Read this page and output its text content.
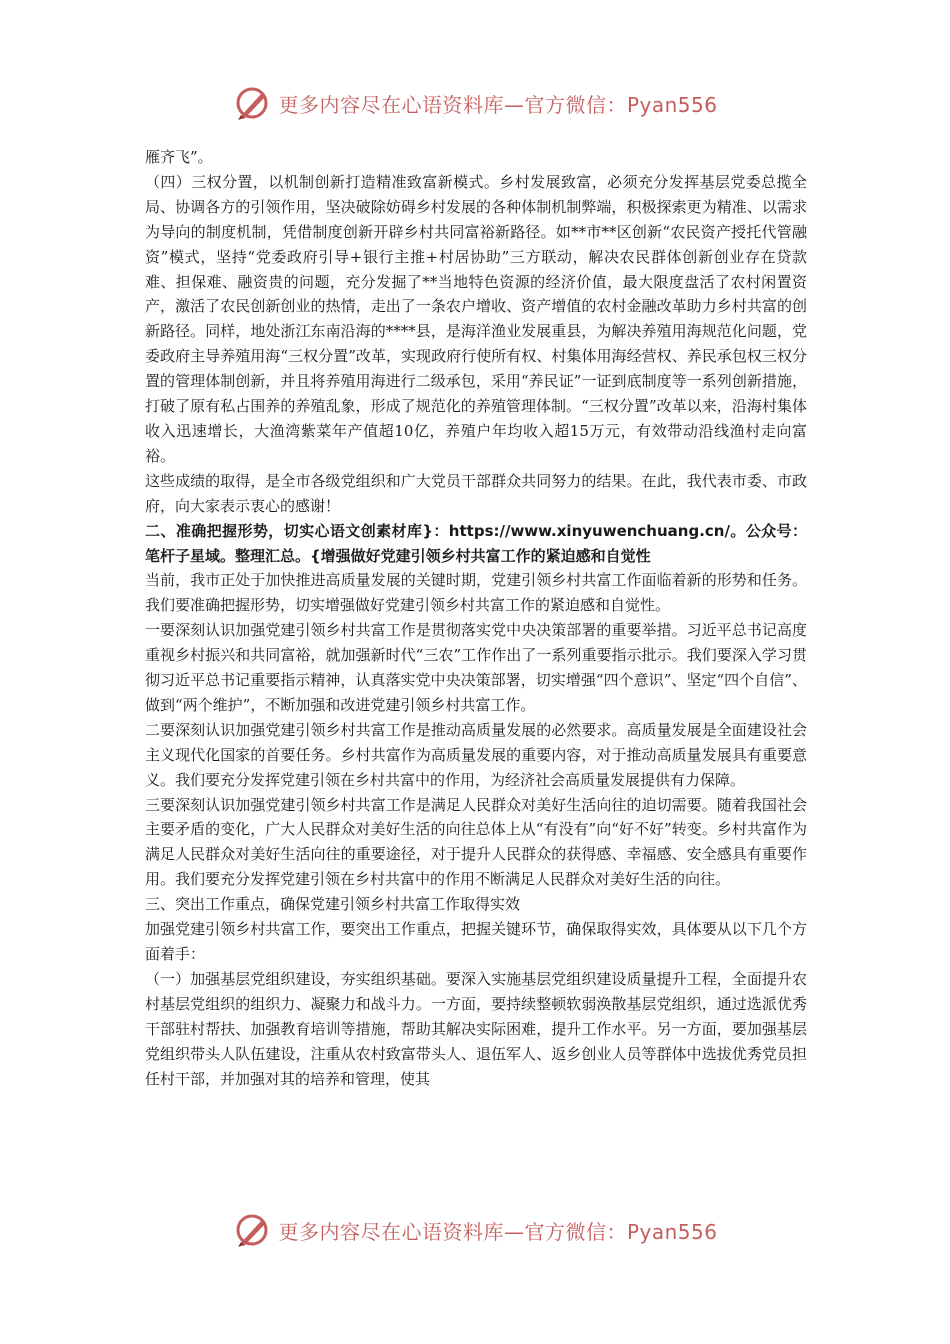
更多内容尽在心语资料库—官方微信：Pyan556

雁齐飞”。

（四）三权分置，以机制创新打造精准致富新模式。乡村发展致富，必须充分发挥基层党委总揽全局、协调各方的引领作用，坚决破除妨碍乡村发展的各种体制机制弊端，积极探索更为精准、以需求为导向的制度机制，凭借制度创新开辟乡村共同富裕新路径。如**市**区创新“农民资产授托代管融资”模式，坚持“党委政府引导+银行主推+村居协助”三方联动，解决农民群体创新创业存在贷款难、担保难、融资贵的问题，充分发掘了**当地特色资源的经济价值，最大限度盘活了农村闲置资产，激活了农民创新创业的热情，走出了一条农户增收、资产增值的农村金融改革助力乡村共富的创新路径。同样，地处浙江东南沿海的****县，是海洋渔业发展重县，为解决养殖用海规范化问题，党委政府主导养殖用海“三权分置”改革，实现政府行使所有权、村集体用海经营权、养民承包权三权分置的管理体制创新，并且将养殖用海进行二级承包，采用“养民证”一证到底制度等一系列创新措施，打破了原有私占围养的养殖乱象，形成了规范化的养殖管理体制。“三权分置”改革以来，沿海村集体收入迅速增长，大渔湾紫菜年产值超10亿，养殖户年均收入超15万元，有效带动沿线渔村走向富裕。

这些成绩的取得，是全市各级党组织和广大党员干部群众共同努力的结果。在此，我代表市委、市政府，向大家表示衷心的感谢！

二、准确把握形势，切实心语文创素材库}：https://www.xinyuwenchuang.cn/。公众号：笔杆子星域。整理汇总。{增强做好党建引领乡村共富工作的紧迫感和自觉性

当前，我市正处于加快推进高质量发展的关键时期，党建引领乡村共富工作面临着新的形势和任务。我们要准确把握形势，切实增强做好党建引领乡村共富工作的紧迫感和自觉性。

一要深刻认识加强党建引领乡村共富工作是贯彻落实党中央决策部署的重要举措。习近平总书记高度重视乡村振兴和共同富裕，就加强新时代“三农”工作作出了一系列重要指示批示。我们要深入学习贯彻习近平总书记重要指示精神，认真落实党中央决策部署，切实增强“四个意识”、坚定“四个自信”、做到“两个维护”，不断加强和改进党建引领乡村共富工作。

二要深刻认识加强党建引领乡村共富工作是推动高质量发展的必然要求。高质量发展是全面建设社会主义现代化国家的首要任务。乡村共富作为高质量发展的重要内容，对于推动高质量发展具有重要意义。我们要充分发挥党建引领在乡村共富中的作用，为经济社会高质量发展提供有力保障。

三要深刻认识加强党建引领乡村共富工作是满足人民群众对美好生活向往的迫切需要。随着我国社会主要矛盾的变化，广大人民群众对美好生活的向往总体上从“有没有”向“好不好”转变。乡村共富作为满足人民群众对美好生活向往的重要途径，对于提升人民群众的获得感、幸福感、安全感具有重要作用。我们要充分发挥党建引领在乡村共富中的作用不断满足人民群众对美好生活的向往。

三、突出工作重点，确保党建引领乡村共富工作取得实效

加强党建引领乡村共富工作，要突出工作重点，把握关键环节，确保取得实效，具体要从以下几个方面着手：

（一）加强基层党组织建设，夯实组织基础。要深入实施基层党组织建设质量提升工程，全面提升农村基层党组织的组织力、凝聚力和战斗力。一方面，要持续整顿软弱涣散基层党组织，通过选派优秀干部驻村帮扶、加强教育培训等措施，帮助其解决实际困难，提升工作水平。另一方面，要加强基层党组织带头人队伍建设，注重从农村致富带头人、退伍军人、返乡创业人员等群体中选拔优秀党员担任村干部，并加强对其的培养和管理，使其

更多内容尽在心语资料库—官方微信：Pyan556
